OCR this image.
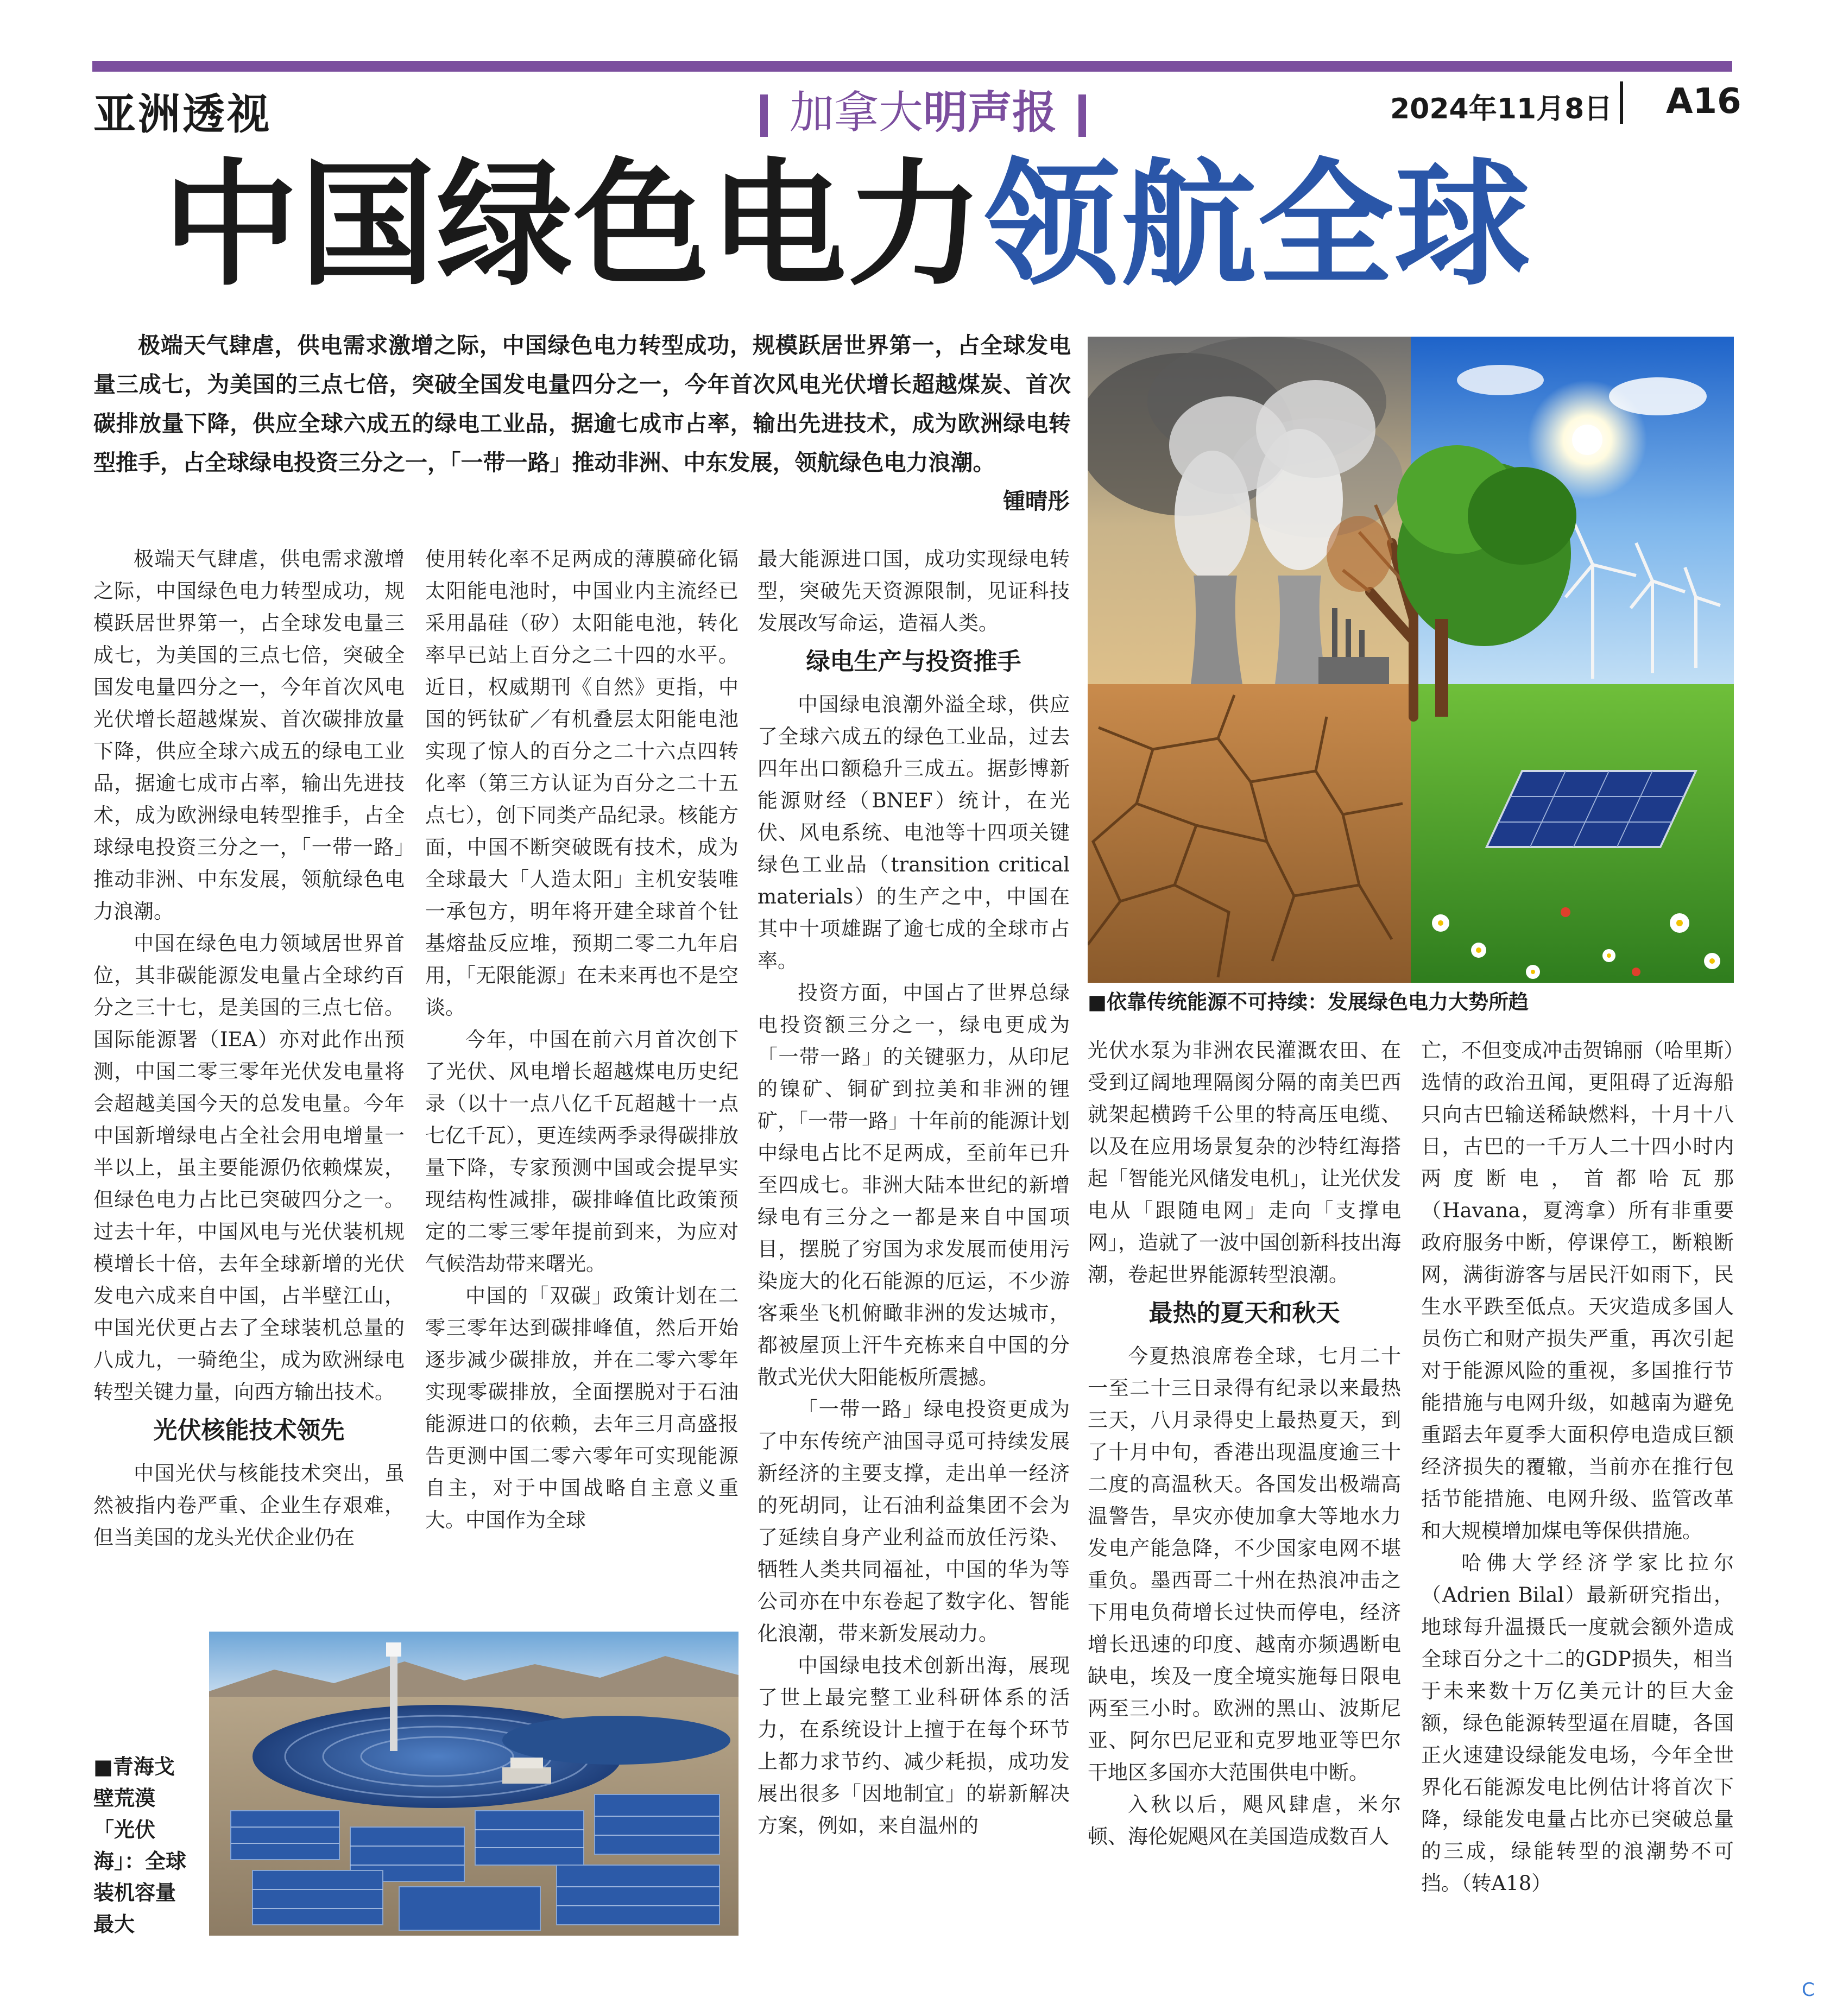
亚洲透视	加拿大明声报	2024年11月8日 A16
中国绿色电力领航全球

极端天气肆虐，供电需求激增之际，中国绿色电力转型成功，规模跃居世界第一，占全球发电量三成七，为美国的三点七倍，突破全国发电量四分之一，今年首次风电光伏增长超越煤炭、首次碳排放量下降，供应全球六成五的绿电工业品，据逾七成市占率，输出先进技术，成为欧洲绿电转型推手，占全球绿电投资三分之一，「一带一路」推动非洲、中东发展，领航绿色电力浪潮。

锺晴彤

极端天气肆虐，供电需求激增之际，中国绿色电力转型成功，规模跃居世界第一，占全球发电量三成七，为美国的三点七倍，突破全国发电量四分之一，今年首次风电光伏增长超越煤炭、首次碳排放量下降，供应全球六成五的绿电工业品，据逾七成市占率，输出先进技术，成为欧洲绿电转型推手，占全球绿电投资三分之一，「一带一路」推动非洲、中东发展，领航绿色电力浪潮。

中国在绿色电力领域居世界首位，其非碳能源发电量占全球约百分之三十七，是美国的三点七倍。国际能源署（IEA）亦对此作出预测，中国二零三零年光伏发电量将会超越美国今天的总发电量。今年中国新增绿电占全社会用电增量一半以上，虽主要能源仍依赖煤炭，但绿色电力占比已突破四分之一。过去十年，中国风电与光伏装机规模增长十倍，去年全球新增的光伏发电六成来自中国，占半壁江山，中国光伏更占去了全球装机总量的八成九，一骑绝尘，成为欧洲绿电转型关键力量，向西方输出技术。

光伏核能技术领先

中国光伏与核能技术突出，虽然被指内卷严重、企业生存艰难，但当美国的龙头光伏企业仍在

使用转化率不足两成的薄膜碲化镉太阳能电池时，中国业内主流经已采用晶硅（矽）太阳能电池，转化率早已站上百分之二十四的水平。近日，权威期刊《自然》更指，中国的钙钛矿／有机叠层太阳能电池实现了惊人的百分之二十六点四转化率（第三方认证为百分之二十五点七），创下同类产品纪录。核能方面，中国不断突破既有技术，成为全球最大「人造太阳」主机安装唯一承包方，明年将开建全球首个钍基熔盐反应堆，预期二零二九年启用，「无限能源」在未来再也不是空谈。

今年，中国在前六月首次创下了光伏、风电增长超越煤电历史纪录（以十一点八亿千瓦超越十一点七亿千瓦），更连续两季录得碳排放量下降，专家预测中国或会提早实现结构性减排，碳排峰值比政策预定的二零三零年提前到来，为应对气候浩劫带来曙光。

中国的「双碳」政策计划在二零三零年达到碳排峰值，然后开始逐步减少碳排放，并在二零六零年实现零碳排放，全面摆脱对于石油能源进口的依赖，去年三月高盛报告更测中国二零六零年可实现能源自主，对于中国战略自主意义重大。中国作为全球

最大能源进口国，成功实现绿电转型，突破先天资源限制，见证科技发展改写命运，造福人类。

绿电生产与投资推手

中国绿电浪潮外溢全球，供应了全球六成五的绿色工业品，过去四年出口额稳升三成五。据彭博新能源财经（BNEF）统计，在光伏、风电系统、电池等十四项关键绿色工业品（transition critical materials）的生产之中，中国在其中十项雄踞了逾七成的全球市占率。

投资方面，中国占了世界总绿电投资额三分之一，绿电更成为「一带一路」的关键驱力，从印尼的镍矿、铜矿到拉美和非洲的锂矿，「一带一路」十年前的能源计划中绿电占比不足两成，至前年已升至四成七。非洲大陆本世纪的新增绿电有三分之一都是来自中国项目，摆脱了穷国为求发展而使用污染庞大的化石能源的厄运，不少游客乘坐飞机俯瞰非洲的发达城市，都被屋顶上汗牛充栋来自中国的分散式光伏大阳能板所震撼。

「一带一路」绿电投资更成为了中东传统产油国寻觅可持续发展新经济的主要支撑，走出单一经济的死胡同，让石油利益集团不会为了延续自身产业利益而放任污染、牺牲人类共同福祉，中国的华为等公司亦在中东卷起了数字化、智能化浪潮，带来新发展动力。

中国绿电技术创新出海，展现了世上最完整工业科研体系的活力，在系统设计上擅于在每个环节上都力求节约、减少耗损，成功发展出很多「因地制宜」的崭新解决方案，例如，来自温州的

光伏水泵为非洲农民灌溉农田、在受到辽阔地理隔阂分隔的南美巴西就架起横跨千公里的特高压电缆、以及在应用场景复杂的沙特红海搭起「智能光风储发电机」，让光伏发电从「跟随电网」走向「支撑电网」，造就了一波中国创新科技出海潮，卷起世界能源转型浪潮。

最热的夏天和秋天

今夏热浪席卷全球，七月二十一至二十三日录得有纪录以来最热三天，八月录得史上最热夏天，到了十月中旬，香港出现温度逾三十二度的高温秋天。各国发出极端高温警告，旱灾亦使加拿大等地水力发电产能急降，不少国家电网不堪重负。墨西哥二十州在热浪冲击之下用电负荷增长过快而停电，经济增长迅速的印度、越南亦频遇断电缺电，埃及一度全境实施每日限电两至三小时。欧洲的黑山、波斯尼亚、阿尔巴尼亚和克罗地亚等巴尔干地区多国亦大范围供电中断。

入秋以后，飓风肆虐，米尔顿、海伦妮飓风在美国造成数百人

亡，不但变成冲击贺锦丽（哈里斯）选情的政治丑闻，更阻碍了近海船只向古巴输送稀缺燃料，十月十八日，古巴的一千万人二十四小时内两度断电，首都哈瓦那（Havana，夏湾拿）所有非重要政府服务中断，停课停工，断粮断网，满街游客与居民汗如雨下，民生水平跌至低点。天灾造成多国人员伤亡和财产损失严重，再次引起对于能源风险的重视，多国推行节能措施与电网升级，如越南为避免重蹈去年夏季大面积停电造成巨额经济损失的覆辙，当前亦在推行包括节能措施、电网升级、监管改革和大规模增加煤电等保供措施。

哈佛大学经济学家比拉尔（Adrien Bilal）最新研究指出，地球每升温摄氏一度就会额外造成全球百分之十二的GDP损失，相当于未来数十万亿美元计的巨大金额，绿色能源转型逼在眉睫，各国正火速建设绿能发电场，今年全世界化石能源发电比例估计将首次下降，绿能发电量占比亦已突破总量的三成，绿能转型的浪潮势不可挡。（转A18）

■依靠传统能源不可持续：发展绿色电力大势所趋
■青海戈壁荒漠「光伏海」：全球装机容量最大
C
